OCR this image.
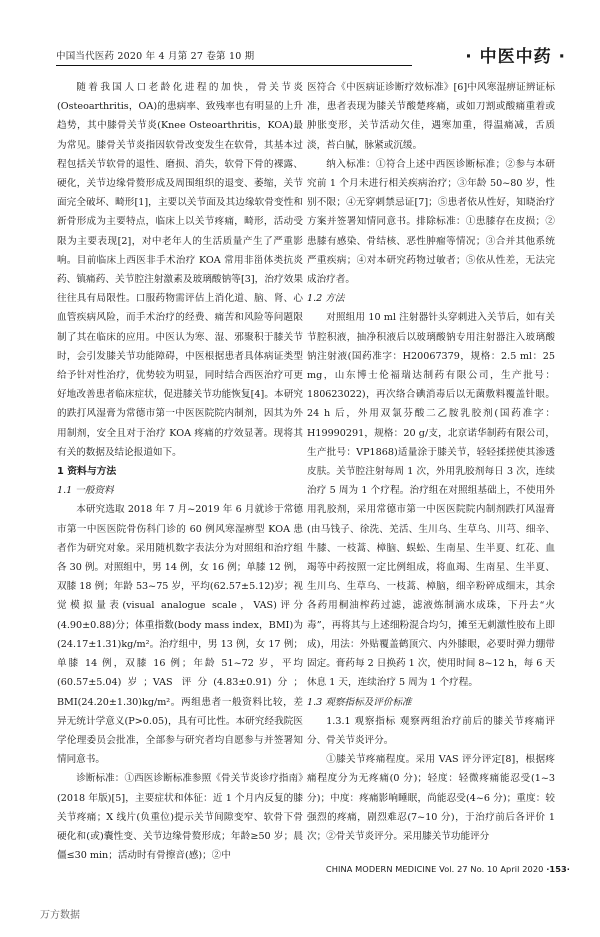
中国当代医药 2020 年 4 月第 27 卷第 10 期	· 中医中药 ·

随着我国人口老龄化进程的加快，骨关节炎(Osteoarthritis，OA)的患病率、致残率也有明显的上升趋势，其中膝骨关节炎(Knee Osteoarthritis，KOA)最为常见。膝骨关节炎指因软骨改变发生在软骨，其基本过程包括关节软骨的退性、磨损、消失，软骨下骨的裸露、硬化，关节边缘骨赘形成及周围组织的退变、萎缩，关节面完全破坏、畸形[1]，主要以关节面及其边缘软骨变性和新骨形成为主要特点，临床上以关节疼痛，畸形，活动受限为主要表现[2]，对中老年人的生活质量产生了严重影响。目前临床上西医非手术治疗 KOA 常用非甾体类抗炎药、镇痛药、关节腔注射激素及玻璃酸钠等[3]，治疗效果往往具有局限性。口服药物需评估上消化道、脑、肾、心血管疾病风险，而手术治疗的经费、痛苦和风险等问题限制了其在临床的应用。中医认为寒、湿、邪聚积于膝关节时，会引发膝关节功能障碍，中医根据患者具体病证类型给予针对性治疗，优势较为明显，同时结合西医治疗可更好地改善患者临床症状，促进膝关节功能恢复[4]。本研究的跌打风湿膏为常德市第一中医医院院内制剂，因其为外用制剂，安全且对于治疗 KOA 疼痛的疗效显著。现将其有关的数据及结论报道如下。

1 资料与方法

1.1 一般资料

本研究选取 2018 年 7 月~2019 年 6 月就诊于常德市第一中医医院骨伤科门诊的 60 例风寒湿痹型 KOA 患者作为研究对象。采用随机数字表法分为对照组和治疗组各 30 例。对照组中，男 14 例，女 16 例；单膝 12 例，双膝 18 例；年龄 53~75 岁，平均(62.57±5.12)岁；视觉模拟量表(visual analogue scale，VAS)评分(4.90±0.88)分；体重指数(body mass index，BMI)为(24.17±1.31)kg/m²。治疗组中，男 13 例，女 17 例；单膝 14 例，双膝 16 例；年龄 51~72 岁，平均(60.57±5.04)岁；VAS 评分(4.83±0.91)分；BMI(24.20±1.30)kg/m²。两组患者一般资料比较，差异无统计学意义(P>0.05)，具有可比性。本研究经我院医学伦理委员会批准，全部参与研究者均自愿参与并签署知情同意书。

诊断标准：①西医诊断标准参照《骨关节炎诊疗指南》(2018 年版)[5]，主要症状和体征：近 1 个月内反复的膝关节疼痛；X 线片(负重位)提示关节间隙变窄、软骨下骨硬化和(或)囊性变、关节边缘骨赘形成；年龄≥50 岁；晨僵≤30 min；活动时有骨擦音(感)；②中

医符合《中医病证诊断疗效标准》[6]中风寒湿痹证辨证标准，患者表现为膝关节酸楚疼痛，或如刀割或酸痛重着或肿胀变形，关节活动欠佳，遇寒加重，得温痛减，舌质淡，苔白腻，脉紧或沉缓。

纳入标准：①符合上述中西医诊断标准；②参与本研究前 1 个月未进行相关疾病治疗；③年龄 50~80 岁，性别不限；④无穿刺禁忌证[7]；⑤患者依从性好，知晓治疗方案并签署知情同意书。排除标准：①患膝存在皮损；②患膝有感染、骨结核、恶性肿瘤等情况；③合并其他系统严重疾病；④对本研究药物过敏者；⑤依从性差，无法完成治疗者。

1.2 方法

对照组用 10 ml 注射器针头穿刺进入关节后，如有关节腔积液，抽净积液后以玻璃酸钠专用注射器注入玻璃酸钠注射液(国药准字：H20067379，规格：2.5 ml：25 mg，山东博士伦福瑞达制药有限公司，生产批号：180623022)，再次络合碘消毒后以无菌敷料覆盖针眼。24 h 后，外用双氯芬酸二乙胺乳胶剂(国药准字：H19990291，规格：20 g/支，北京诺华制药有限公司，生产批号：VP1868)适量涂于膝关节，轻轻揉搓使其渗透皮肤。关节腔注射每周 1 次，外用乳胶剂每日 3 次，连续治疗 5 周为 1 个疗程。治疗组在对照组基础上，不使用外用乳胶剂，采用常德市第一中医医院院内制剂跌打风湿膏(由马钱子、徐洗、羌活、生川乌、生草乌、川芎、细辛、牛膝、一枝蒿、樟脑、蜈蚣、生南星、生半夏、红花、血竭等中药按照一定比例组成，将血竭、生南星、生半夏、生川乌、生草乌、一枝蒿、樟脑，细辛粉碎成细末，其余各药用桐油榨药过滤，滤液炼制滴水成珠，下丹去“火毒”，再将其与上述细粉混合均匀，摊至无刺激性胶布上即成)，用法：外贴覆盖鹤顶穴、内外膝眼，必要时弹力绷带固定。膏药每 2 日换药 1 次，使用时间 8~12 h，每 6 天休息 1 天，连续治疗 5 周为 1 个疗程。

1.3 观察指标及评价标准

1.3.1 观察指标 观察两组治疗前后的膝关节疼痛评分、骨关节炎评分。

①膝关节疼痛程度。采用 VAS 评分评定[8]，根据疼痛程度分为无疼痛(0 分)；轻度：轻微疼痛能忍受(1~3 分)；中度：疼痛影响睡眠，尚能忍受(4~6 分)；重度：较强烈的疼痛，剧烈难忍(7~10 分)，于治疗前后各评价 1 次；②骨关节炎评分。采用膝关节功能评分

CHINA MODERN MEDICINE Vol. 27 No. 10 April 2020 ·153·
万方数据
